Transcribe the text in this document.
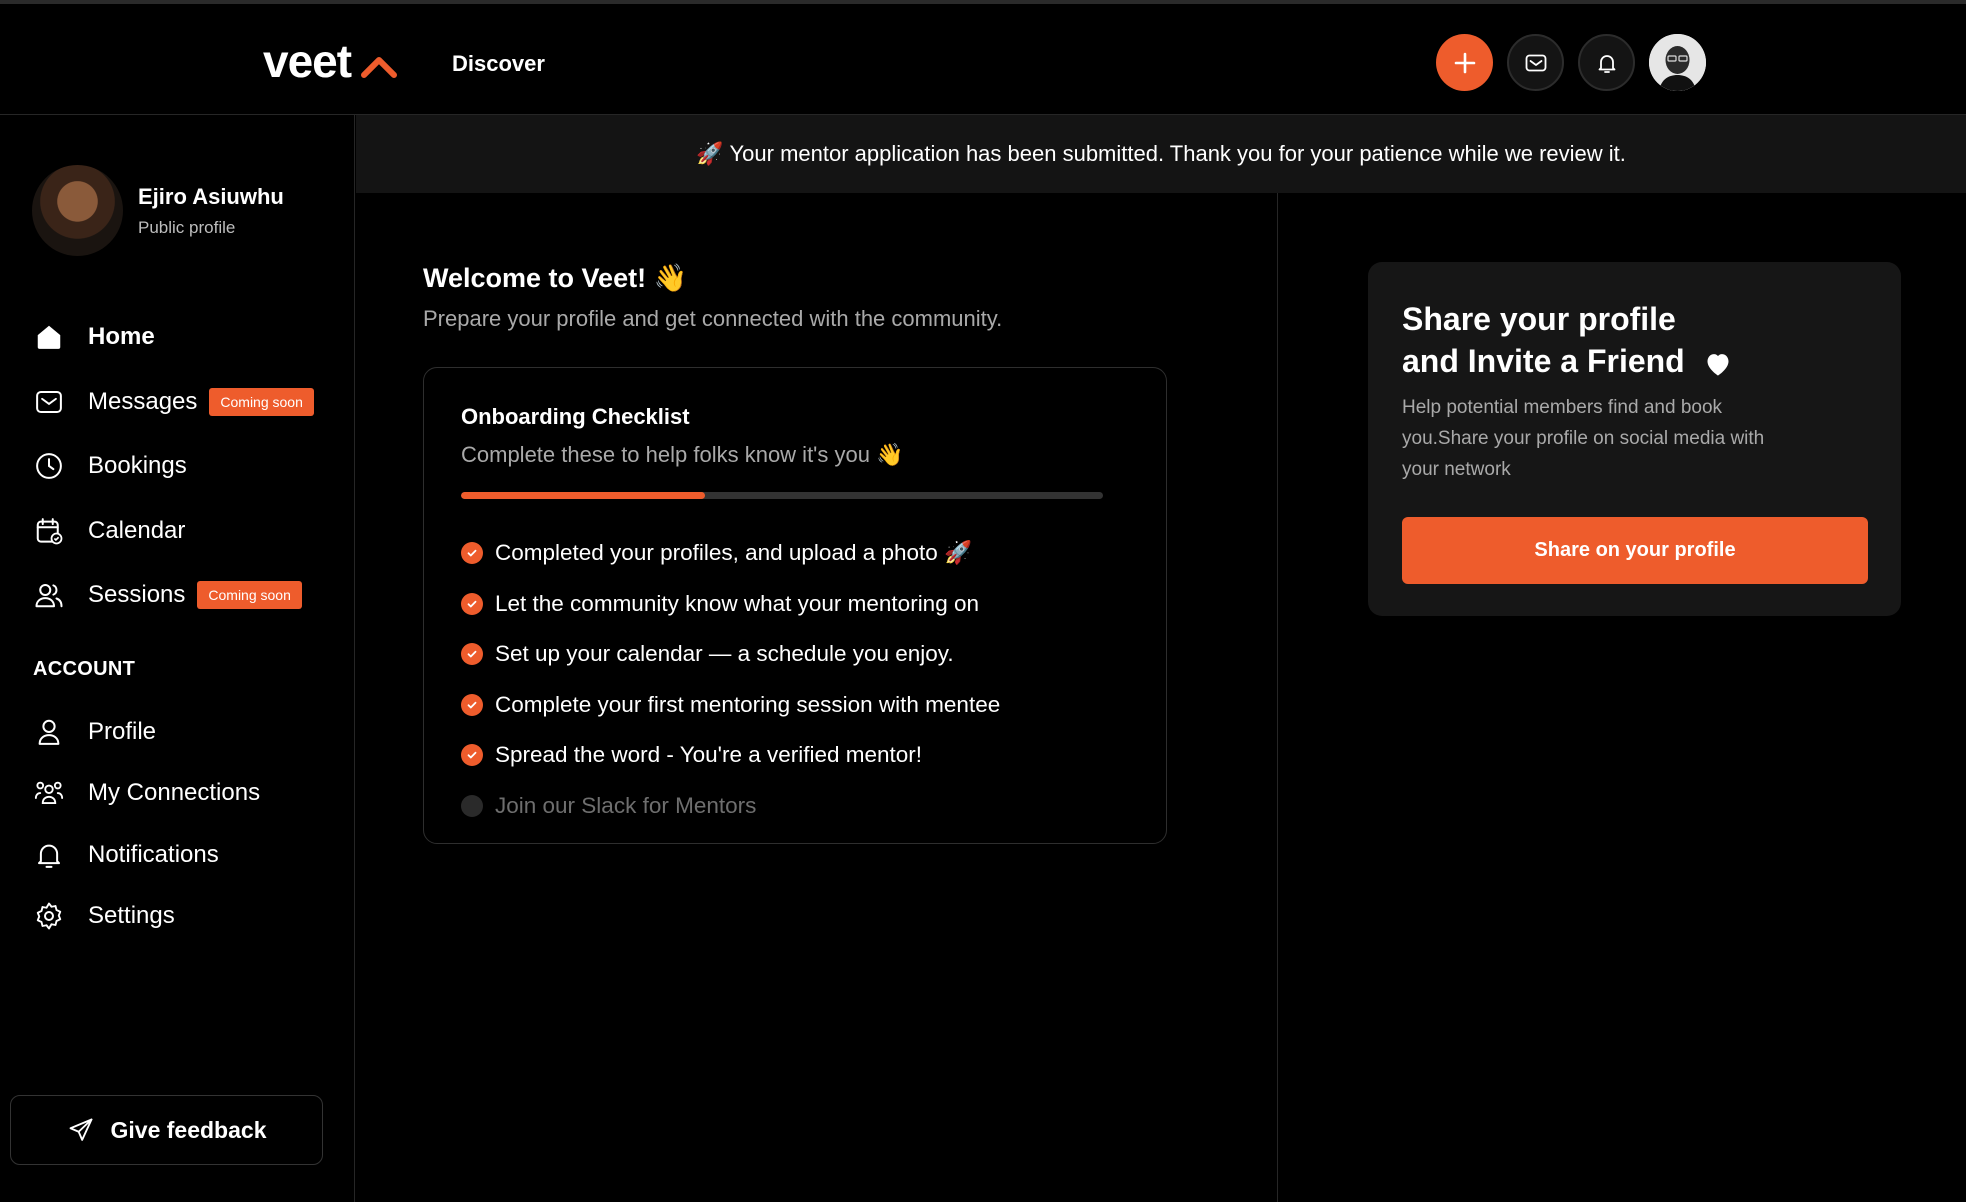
veet	Discover
Ejiro Asiuwhu
Public profile
Home
Messages	Coming soon
Bookings
Calendar
Sessions	Coming soon
ACCOUNT
Profile
My Connections
Notifications
Settings
Give feedback
🚀 Your mentor application has been submitted. Thank you for your patience while we review it.
Welcome to Veet! 👋
Prepare your profile and get connected with the community.
Onboarding Checklist
Complete these to help folks know it's you 👋
Completed your profiles, and upload a photo 🚀
Let the community know what your mentoring on
Set up your calendar — a schedule you enjoy.
Complete your first mentoring session with mentee
Spread the word - You're a verified mentor!
Join our Slack for Mentors
Share your profile
and Invite a Friend
Help potential members find and book you.Share your profile on social media with your network
Share on your profile
